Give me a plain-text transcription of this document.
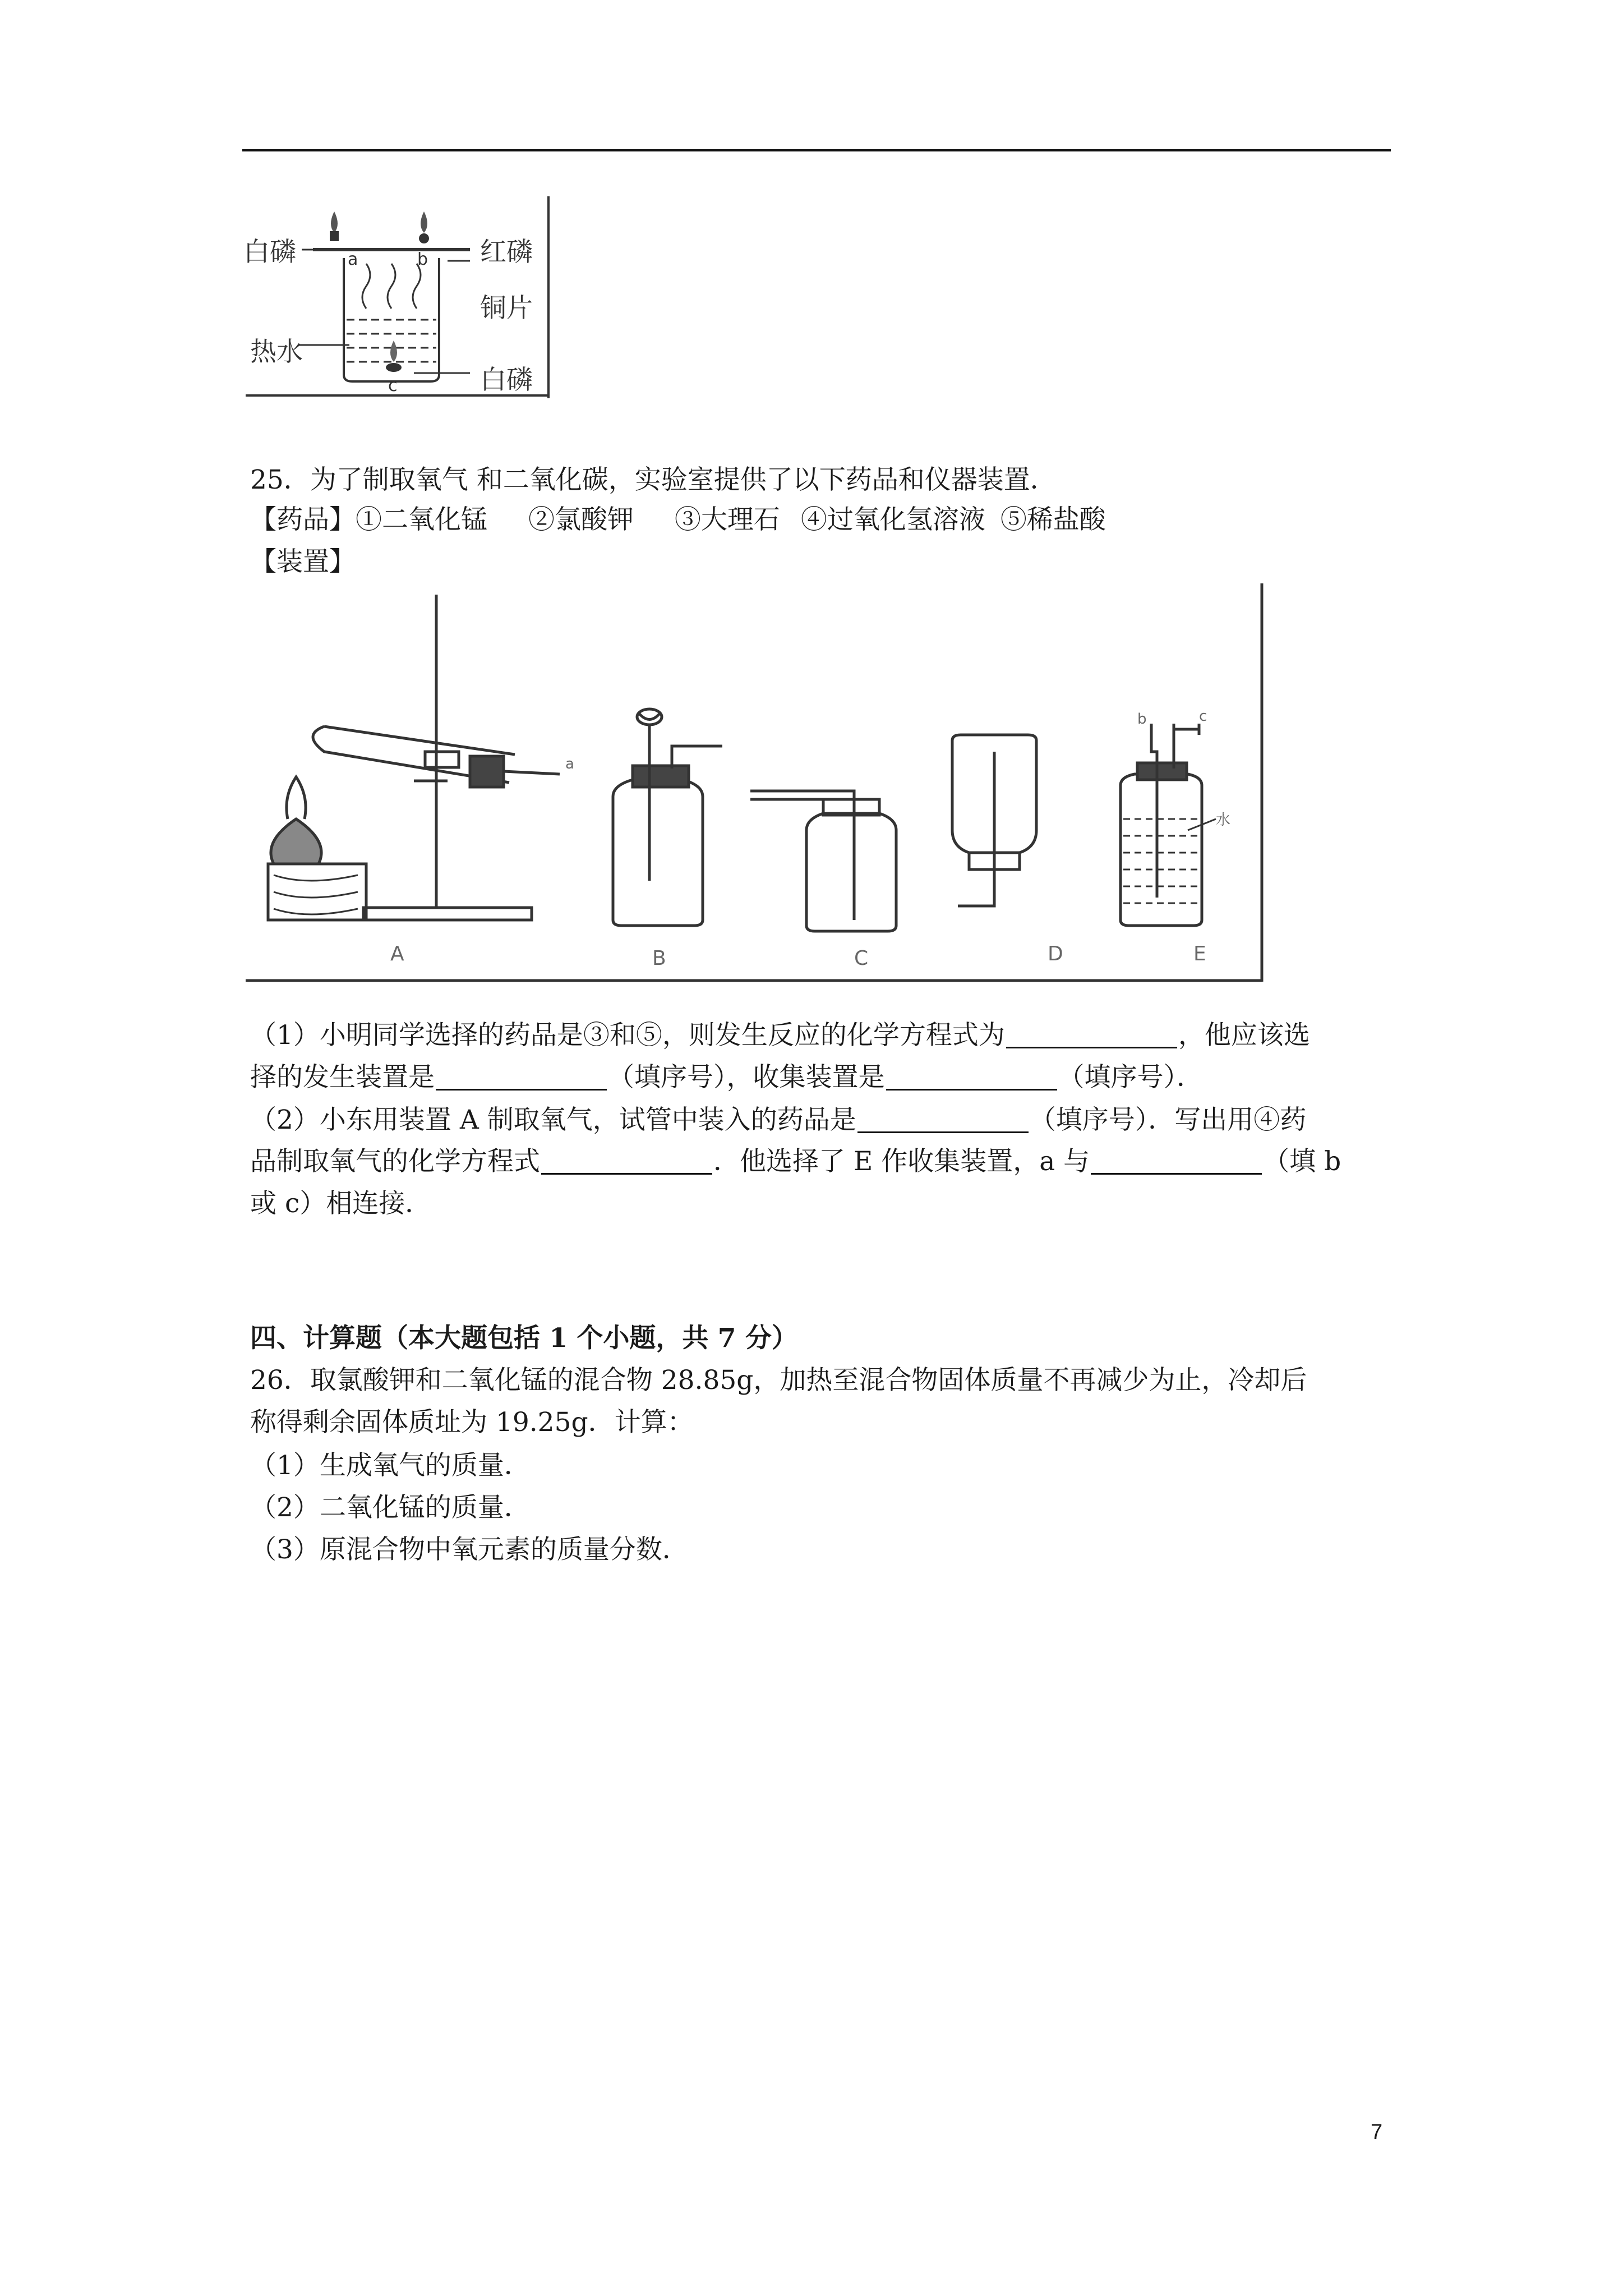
白磷	红磷
铜片
热水
白磷
a	b
c
25．为了制取氧气 和二氧化碳，实验室提供了以下药品和仪器装置．
【药品】①二氧化锰 ②氯酸钾 ③大理石 ④过氧化氢溶液 ⑤稀盐酸
【装置】
A	B	C	D	E
a
b	c
水
（1）小明同学选择的药品是③和⑤，则发生反应的化学方程式为	，他应该选
择的发生装置是	（填序号），收集装置是	（填序号）．
（2）小东用装置 A 制取氧气，试管中装入的药品是	（填序号）．写出用④药
品制取氧气的化学方程式	．他选择了 E 作收集装置，a 与	（填 b
或 c）相连接．
四、计算题（本大题包括 1 个小题，共 7 分）
26．取氯酸钾和二氧化锰的混合物 28.85g，加热至混合物固体质量不再减少为止，冷却后
称得剩余固体质址为 19.25g．计算：
（1）生成氧气的质量．
（2）二氧化锰的质量．
（3）原混合物中氧元素的质量分数．
7
